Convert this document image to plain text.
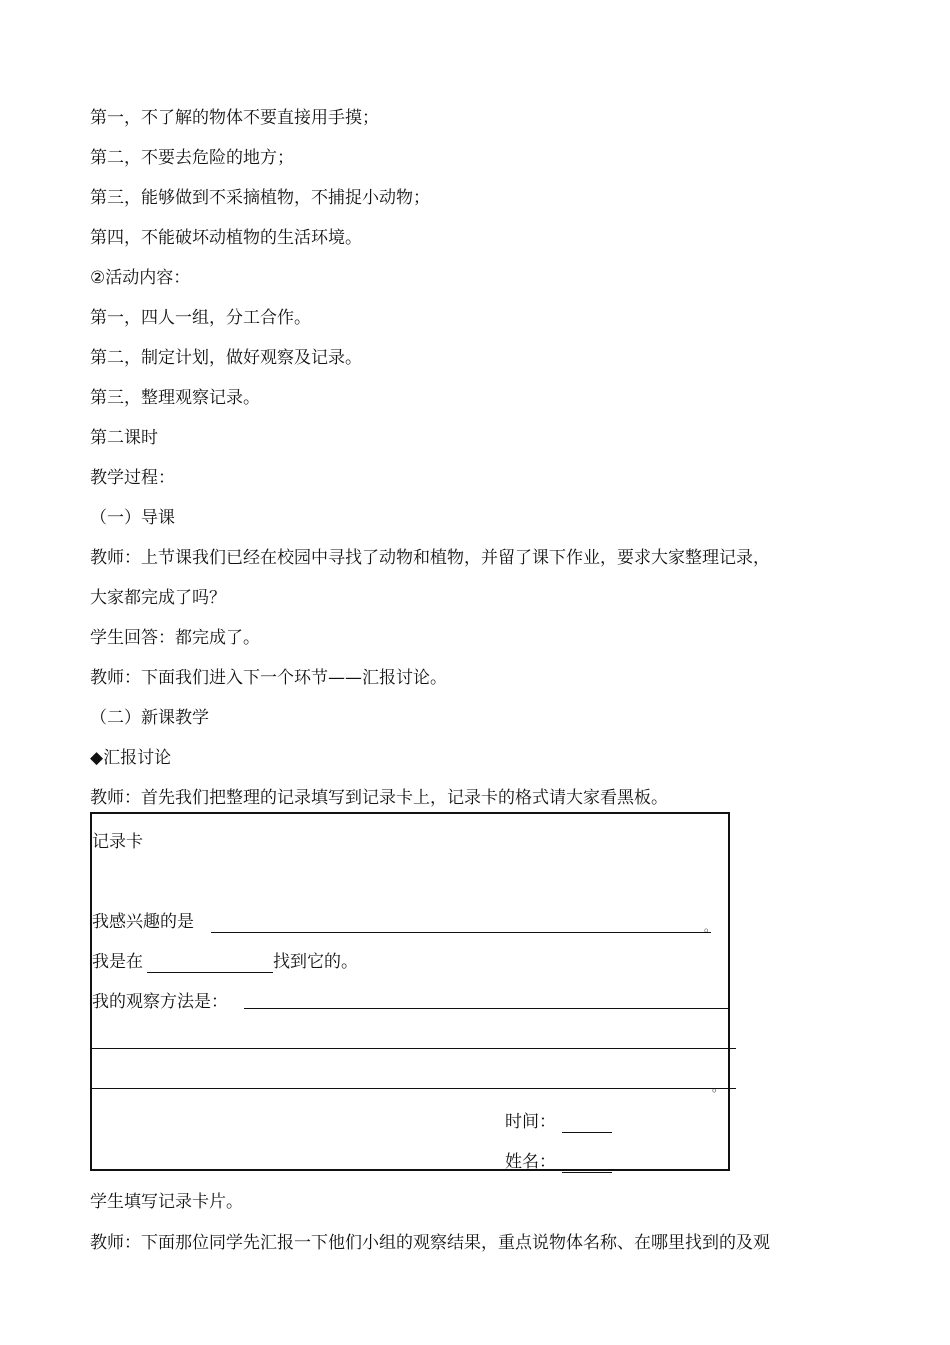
第一，不了解的物体不要直接用手摸；
第二，不要去危险的地方；
第三，能够做到不采摘植物，不捕捉小动物；
第四，不能破坏动植物的生活环境。
②活动内容：
第一，四人一组，分工合作。
第二，制定计划，做好观察及记录。
第三，整理观察记录。
第二课时
教学过程：
（一）导课
教师：上节课我们已经在校园中寻找了动物和植物，并留了课下作业，要求大家整理记录，
大家都完成了吗？
学生回答：都完成了。
教师：下面我们进入下一个环节——汇报讨论。
（二）新课教学
◆汇报讨论
教师：首先我们把整理的记录填写到记录卡上，记录卡的格式请大家看黑板。
记录卡
我感兴趣的是	。
我是在	找到它的。
我的观察方法是：
。
时间：
姓名：
学生填写记录卡片。
教师：下面那位同学先汇报一下他们小组的观察结果，重点说物体名称、在哪里找到的及观
